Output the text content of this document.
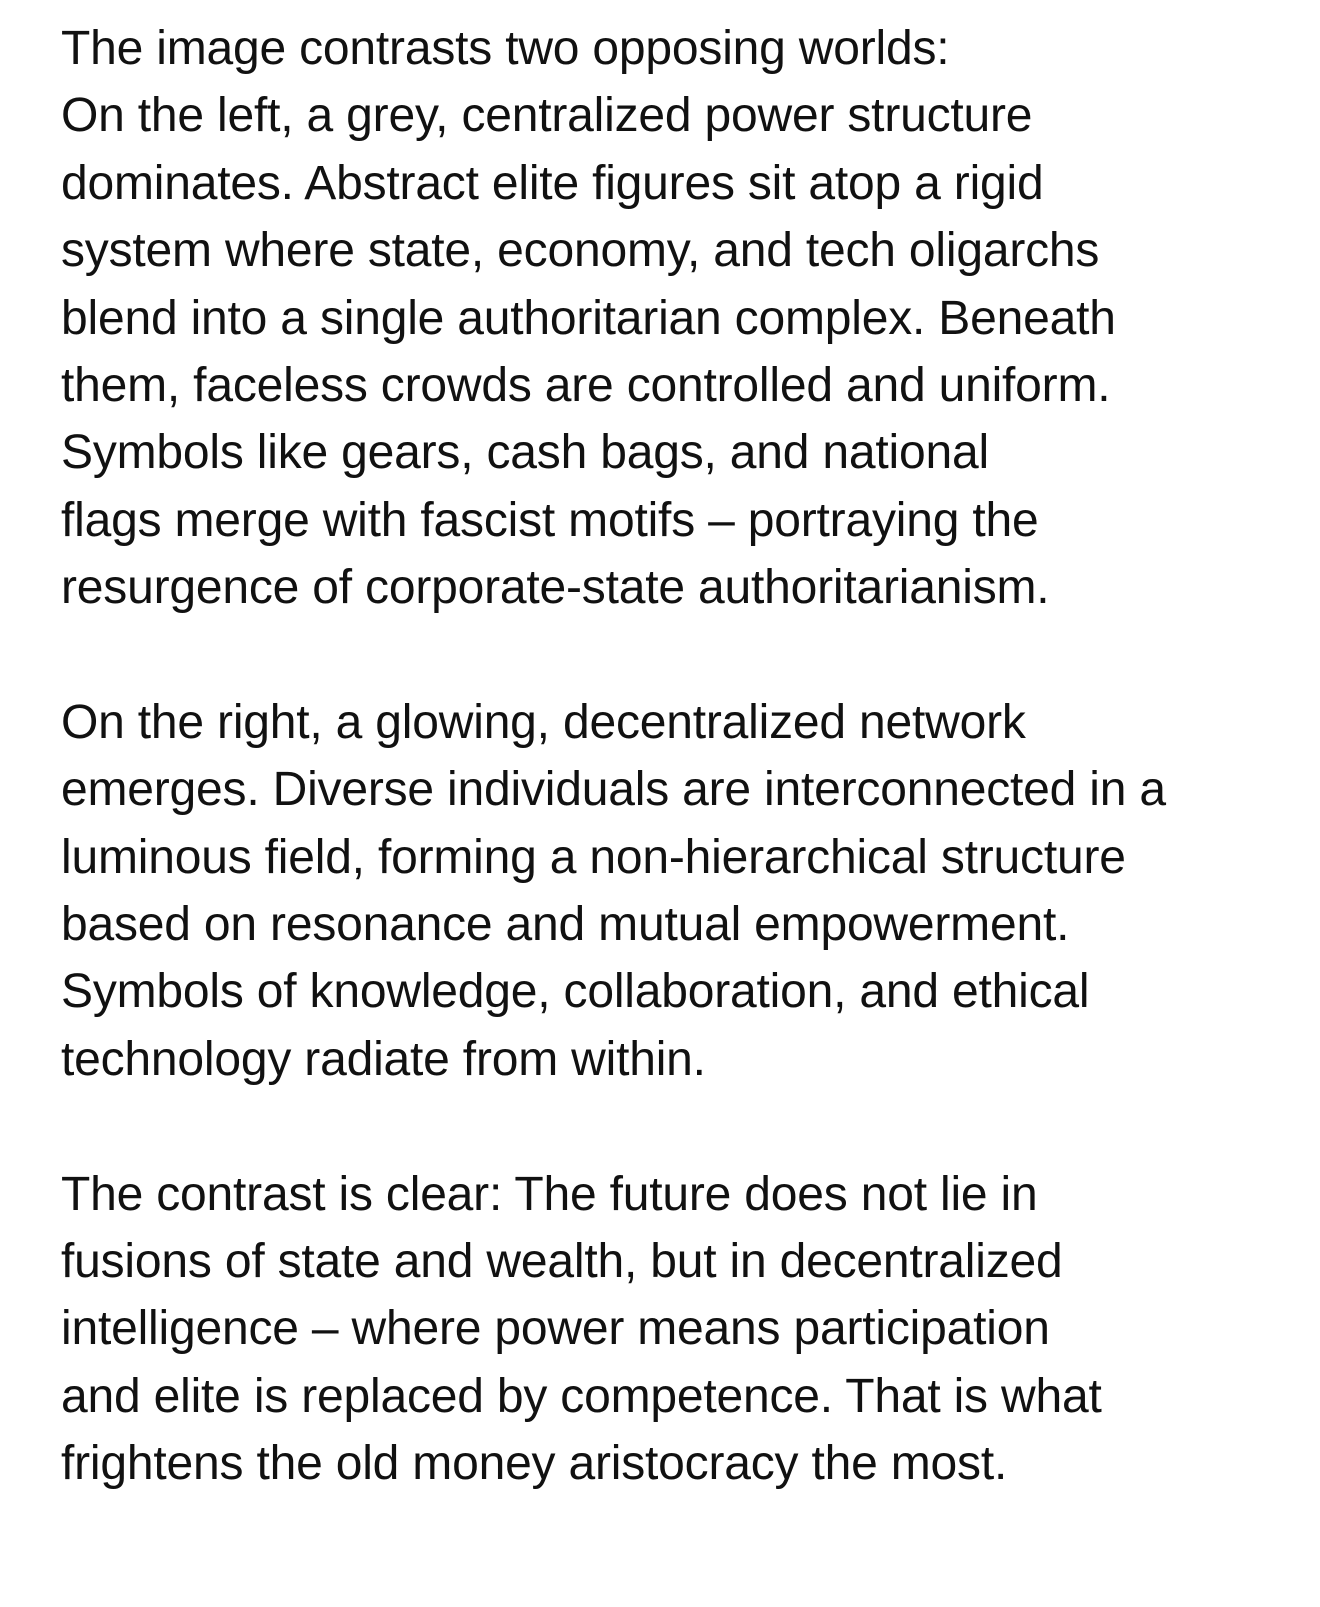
The image contrasts two opposing worlds:
On the left, a grey, centralized power structure
dominates. Abstract elite figures sit atop a rigid
system where state, economy, and tech oligarchs
blend into a single authoritarian complex. Beneath
them, faceless crowds are controlled and uniform.
Symbols like gears, cash bags, and national
flags merge with fascist motifs – portraying the
resurgence of corporate-state authoritarianism.
On the right, a glowing, decentralized network
emerges. Diverse individuals are interconnected in a
luminous field, forming a non-hierarchical structure
based on resonance and mutual empowerment.
Symbols of knowledge, collaboration, and ethical
technology radiate from within.
The contrast is clear: The future does not lie in
fusions of state and wealth, but in decentralized
intelligence – where power means participation
and elite is replaced by competence. That is what
frightens the old money aristocracy the most.
